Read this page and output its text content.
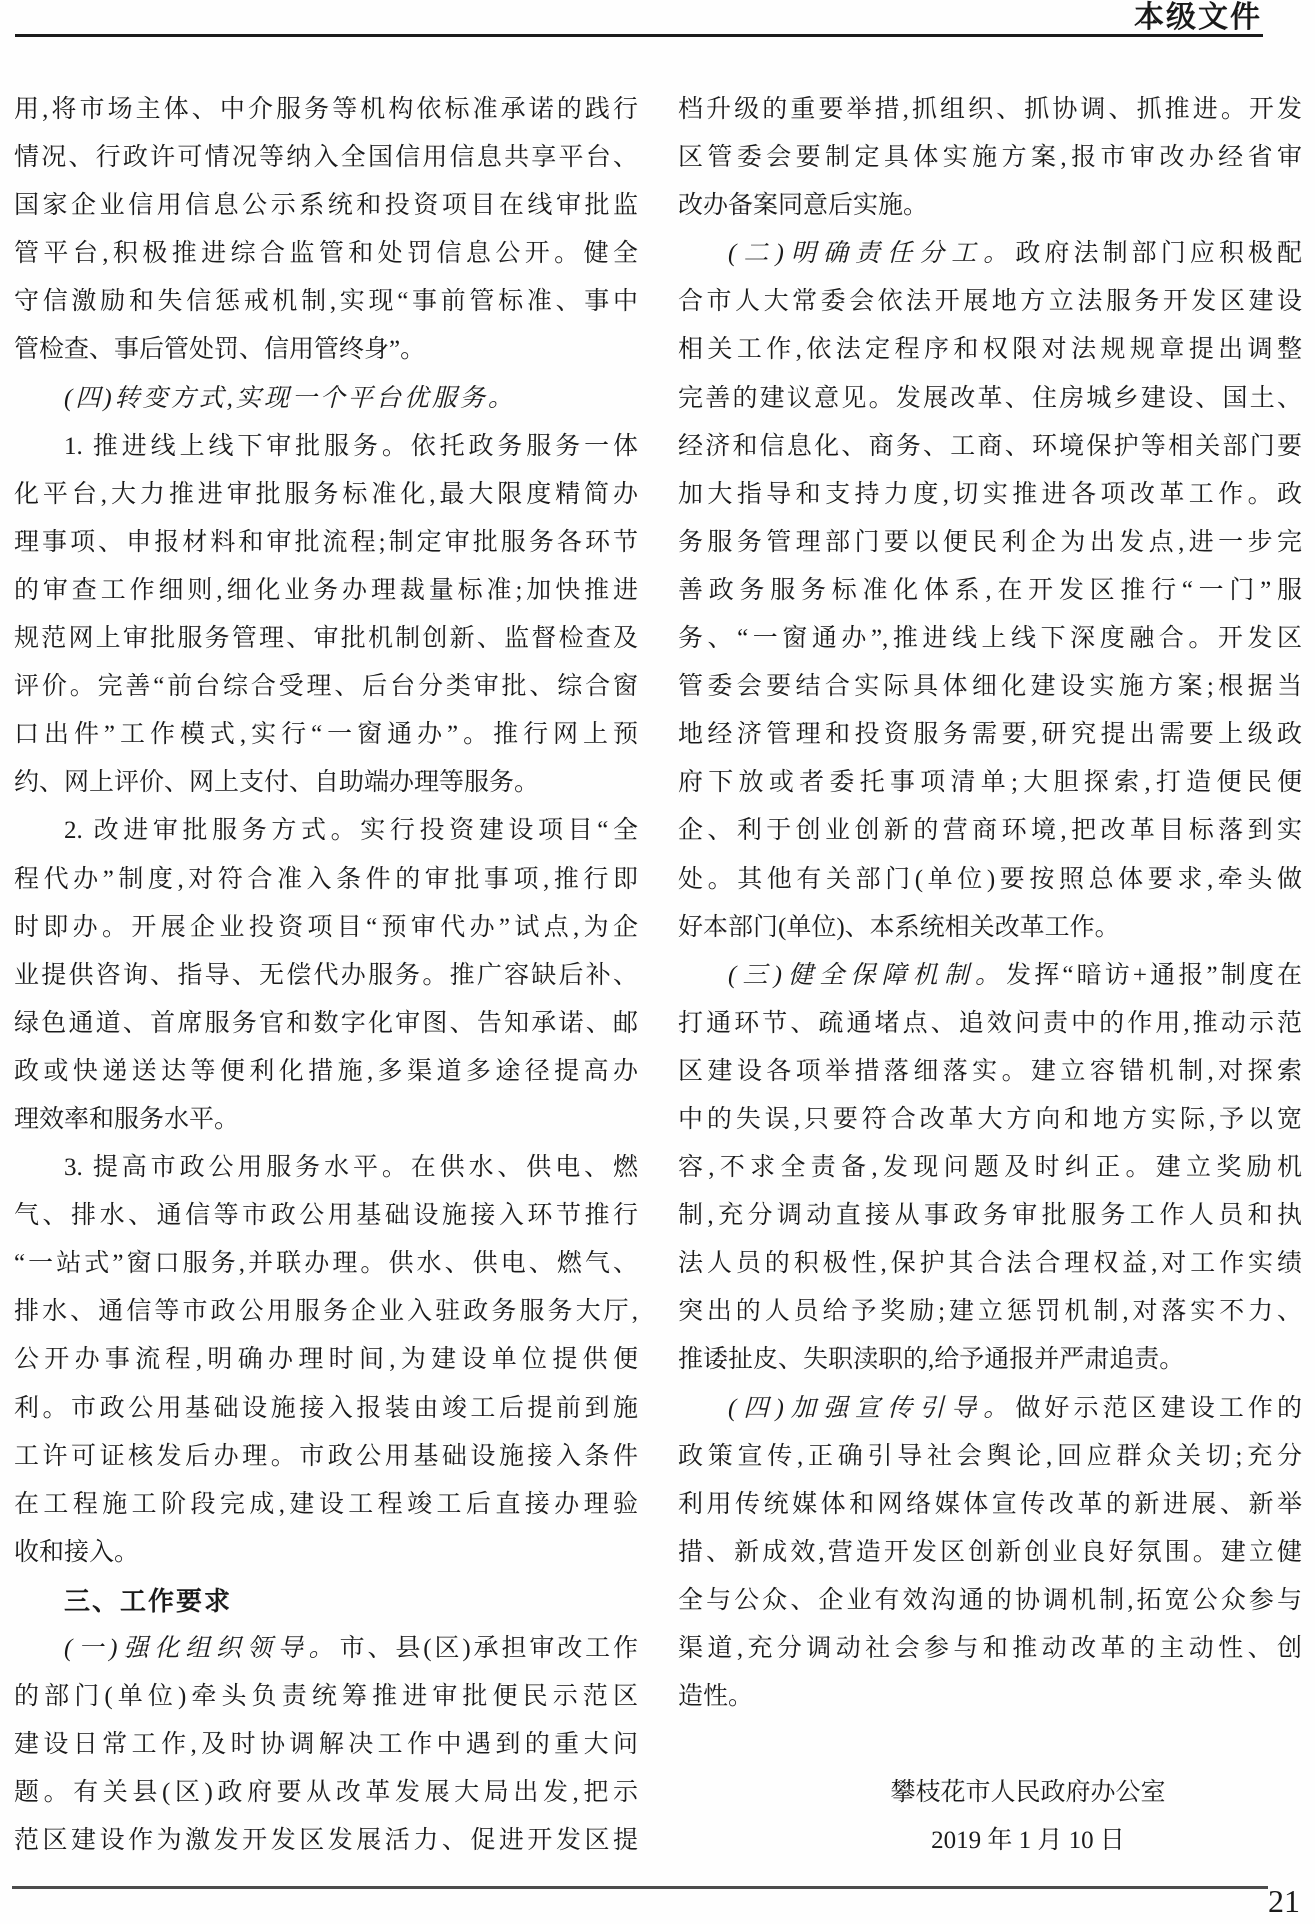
本级文件
用,将市场主体、中介服务等机构依标准承诺的践行
情况、行政许可情况等纳入全国信用信息共享平台、
国家企业信用信息公示系统和投资项目在线审批监
管平台,积极推进综合监管和处罚信息公开。健全
守信激励和失信惩戒机制,实现“事前管标准、事中
管检查、事后管处罚、信用管终身”。
(四)转变方式,实现一个平台优服务。
1. 推进线上线下审批服务。依托政务服务一体
化平台,大力推进审批服务标准化,最大限度精简办
理事项、申报材料和审批流程;制定审批服务各环节
的审查工作细则,细化业务办理裁量标准;加快推进
规范网上审批服务管理、审批机制创新、监督检查及
评价。完善“前台综合受理、后台分类审批、综合窗
口出件”工作模式,实行“一窗通办”。推行网上预
约、网上评价、网上支付、自助端办理等服务。
2. 改进审批服务方式。实行投资建设项目“全
程代办”制度,对符合准入条件的审批事项,推行即
时即办。开展企业投资项目“预审代办”试点,为企
业提供咨询、指导、无偿代办服务。推广容缺后补、
绿色通道、首席服务官和数字化审图、告知承诺、邮
政或快递送达等便利化措施,多渠道多途径提高办
理效率和服务水平。
3. 提高市政公用服务水平。在供水、供电、燃
气、排水、通信等市政公用基础设施接入环节推行
“一站式”窗口服务,并联办理。供水、供电、燃气、
排水、通信等市政公用服务企业入驻政务服务大厅,
公开办事流程,明确办理时间,为建设单位提供便
利。市政公用基础设施接入报装由竣工后提前到施
工许可证核发后办理。市政公用基础设施接入条件
在工程施工阶段完成,建设工程竣工后直接办理验
收和接入。
三、工作要求
(一)强化组织领导。市、县(区)承担审改工作
的部门(单位)牵头负责统筹推进审批便民示范区
建设日常工作,及时协调解决工作中遇到的重大问
题。有关县(区)政府要从改革发展大局出发,把示
范区建设作为激发开发区发展活力、促进开发区提
档升级的重要举措,抓组织、抓协调、抓推进。开发
区管委会要制定具体实施方案,报市审改办经省审
改办备案同意后实施。
(二)明确责任分工。政府法制部门应积极配
合市人大常委会依法开展地方立法服务开发区建设
相关工作,依法定程序和权限对法规规章提出调整
完善的建议意见。发展改革、住房城乡建设、国土、
经济和信息化、商务、工商、环境保护等相关部门要
加大指导和支持力度,切实推进各项改革工作。政
务服务管理部门要以便民利企为出发点,进一步完
善政务服务标准化体系,在开发区推行“一门”服
务、“一窗通办”,推进线上线下深度融合。开发区
管委会要结合实际具体细化建设实施方案;根据当
地经济管理和投资服务需要,研究提出需要上级政
府下放或者委托事项清单;大胆探索,打造便民便
企、利于创业创新的营商环境,把改革目标落到实
处。其他有关部门(单位)要按照总体要求,牵头做
好本部门(单位)、本系统相关改革工作。
(三)健全保障机制。发挥“暗访+通报”制度在
打通环节、疏通堵点、追效问责中的作用,推动示范
区建设各项举措落细落实。建立容错机制,对探索
中的失误,只要符合改革大方向和地方实际,予以宽
容,不求全责备,发现问题及时纠正。建立奖励机
制,充分调动直接从事政务审批服务工作人员和执
法人员的积极性,保护其合法合理权益,对工作实绩
突出的人员给予奖励;建立惩罚机制,对落实不力、
推诿扯皮、失职渎职的,给予通报并严肃追责。
(四)加强宣传引导。做好示范区建设工作的
政策宣传,正确引导社会舆论,回应群众关切;充分
利用传统媒体和网络媒体宣传改革的新进展、新举
措、新成效,营造开发区创新创业良好氛围。建立健
全与公众、企业有效沟通的协调机制,拓宽公众参与
渠道,充分调动社会参与和推动改革的主动性、创
造性。
攀枝花市人民政府办公室
2019 年 1 月 10 日
21
